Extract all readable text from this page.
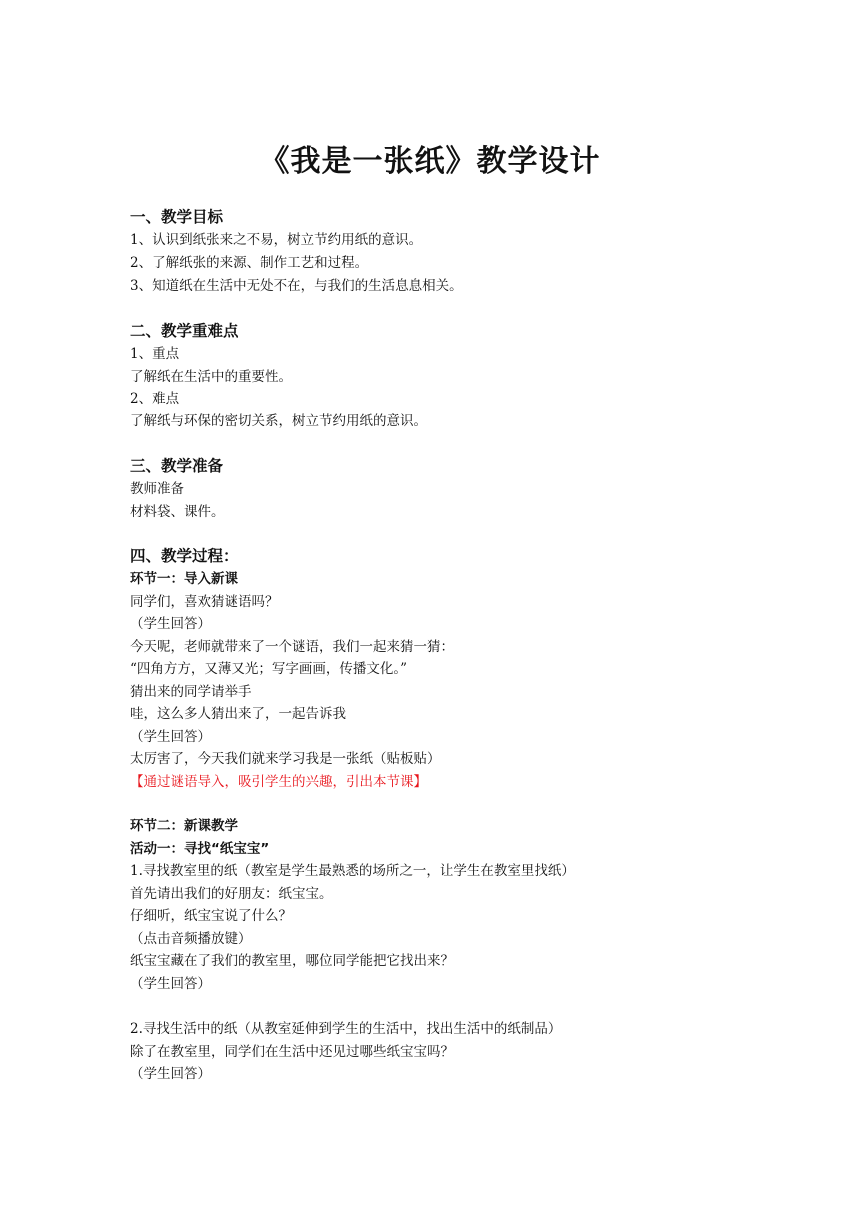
《我是一张纸》教学设计
一、教学目标
1、认识到纸张来之不易，树立节约用纸的意识。
2、了解纸张的来源、制作工艺和过程。
3、知道纸在生活中无处不在，与我们的生活息息相关。
二、教学重难点
1、重点
了解纸在生活中的重要性。
2、难点
了解纸与环保的密切关系，树立节约用纸的意识。
三、教学准备
教师准备
材料袋、课件。
四、教学过程：
环节一：导入新课
同学们，喜欢猜谜语吗？
（学生回答）
今天呢，老师就带来了一个谜语，我们一起来猜一猜：
“四角方方，又薄又光；写字画画，传播文化。”
猜出来的同学请举手
哇，这么多人猜出来了，一起告诉我
（学生回答）
太厉害了，今天我们就来学习我是一张纸（贴板贴）
【通过谜语导入，吸引学生的兴趣，引出本节课】
环节二：新课教学
活动一：寻找“纸宝宝”
1.寻找教室里的纸（教室是学生最熟悉的场所之一，让学生在教室里找纸）
首先请出我们的好朋友：纸宝宝。
仔细听，纸宝宝说了什么？
（点击音频播放键）
纸宝宝藏在了我们的教室里，哪位同学能把它找出来？
（学生回答）
2.寻找生活中的纸（从教室延伸到学生的生活中，找出生活中的纸制品）
除了在教室里，同学们在生活中还见过哪些纸宝宝吗？
（学生回答）
